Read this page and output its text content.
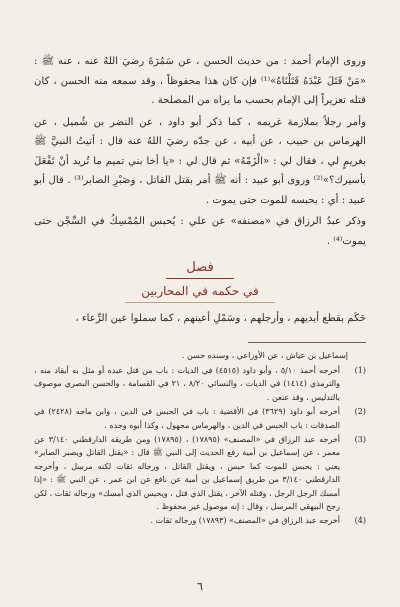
وروى الإمام أحمد : من حديث الحسن ، عن سَمُرَةَ رضيَ اللهُ عنه ، عنه ﷺ : «مَنْ قَتَلَ عَبْدَهُ قَتَلْنَاهُ»⁽¹⁾ فإن كان هذا محفوظاً ، وقد سمعه منه الحسن ، كان قتله تعزيراً إلى الإمام بحسب ما يراه من المصلحة .

وأمر رجلاً بملازمة غريمه ، كما ذكر أبو داود ، عن النضر بن شُميل ، عن الهرماس بن حبيب ، عن أبيه ، عن جدّه رضيَ اللهُ عنه قال : أتيتُ النبيَّ ﷺ بغريمٍ لي ، فقال لي : «الْزَمْهُ» ثم قال لي : «يا أخا بني تميم ما تُريد أنْ تَفْعَلَ بأسيرك؟»⁽²⁾ وروى أبو عبيد : أنه ﷺ أمر بقتل القاتل ، وصَبْرِ الصابر⁽³⁾ . قال أبو عبيد : أي : بحبسه للموت حتى يموت .

وذكر عبدُ الرزاق في «مصنفه» عن علي : يُحبس المُمْسِكُ في السِّجْن حتى يموت⁽⁴⁾ .

فصل
في حكمه في المحاربين

حَكَم بقطع أيديهم ، وأرجلهم ، وسَمْلِ أعينهم ، كما سملوا عين الرِّعاء ،

إسماعيل بن عياش ، عن الأوزاعي ، وسنده حسن .

(1)
أخرجه أحمد ٥/١٠ ، وأبو داود (٤٥١٥) في الديات : باب من قتل عبده أو مثل به أيقاد منه ، والترمذي (١٤١٤) في الديات ، والنسائي ٨/٢٠ ، ٢١ في القسامة ، والحسن البصري موصوف بالتدليس ، وقد عنعن .
(2)
أخرجه أبو داود (٣٦٢٩) في الأقضية : باب في الحبس في الدين ، وابن ماجه (٢٤٢٨) في الصدقات : باب الحبس في الدين ، والهرماس مجهول ، وكذا أبوه وجده .
(3)
أخرجه عبد الرزاق في «المصنف» (١٧٨٩٥) ، (١٧٨٩٥) ومن طريقه الدارقطني ٣/١٤٠ عن معمر ، عن إسماعيل بن أمية رفع الحديث إلى النبي ﷺ قال : «يقتل القاتل ويصبر الصابر» يعني : يحبس للموت كما حبس ، ويقتل القاتل ، ورجاله ثقات لكنه مرسل ، وأخرجه الدارقطني ٣/١٤٠ من طريق إسماعيل بن أمية عن نافع عن ابن عمر ، عن النبي ﷺ : «إذا أمسك الرجل الرجل ، وقتله الآخر ، يقتل الذي قتل ، ويحبس الذي أمسك» ورجاله ثقات ، لكن رجح البيهقي المرسل ، وقال : إنه موصول غير محفوظ .
(4)
أخرجه عبد الرزاق في «المصنف» (١٧٨٩٣) ورجاله ثقات .
٦
